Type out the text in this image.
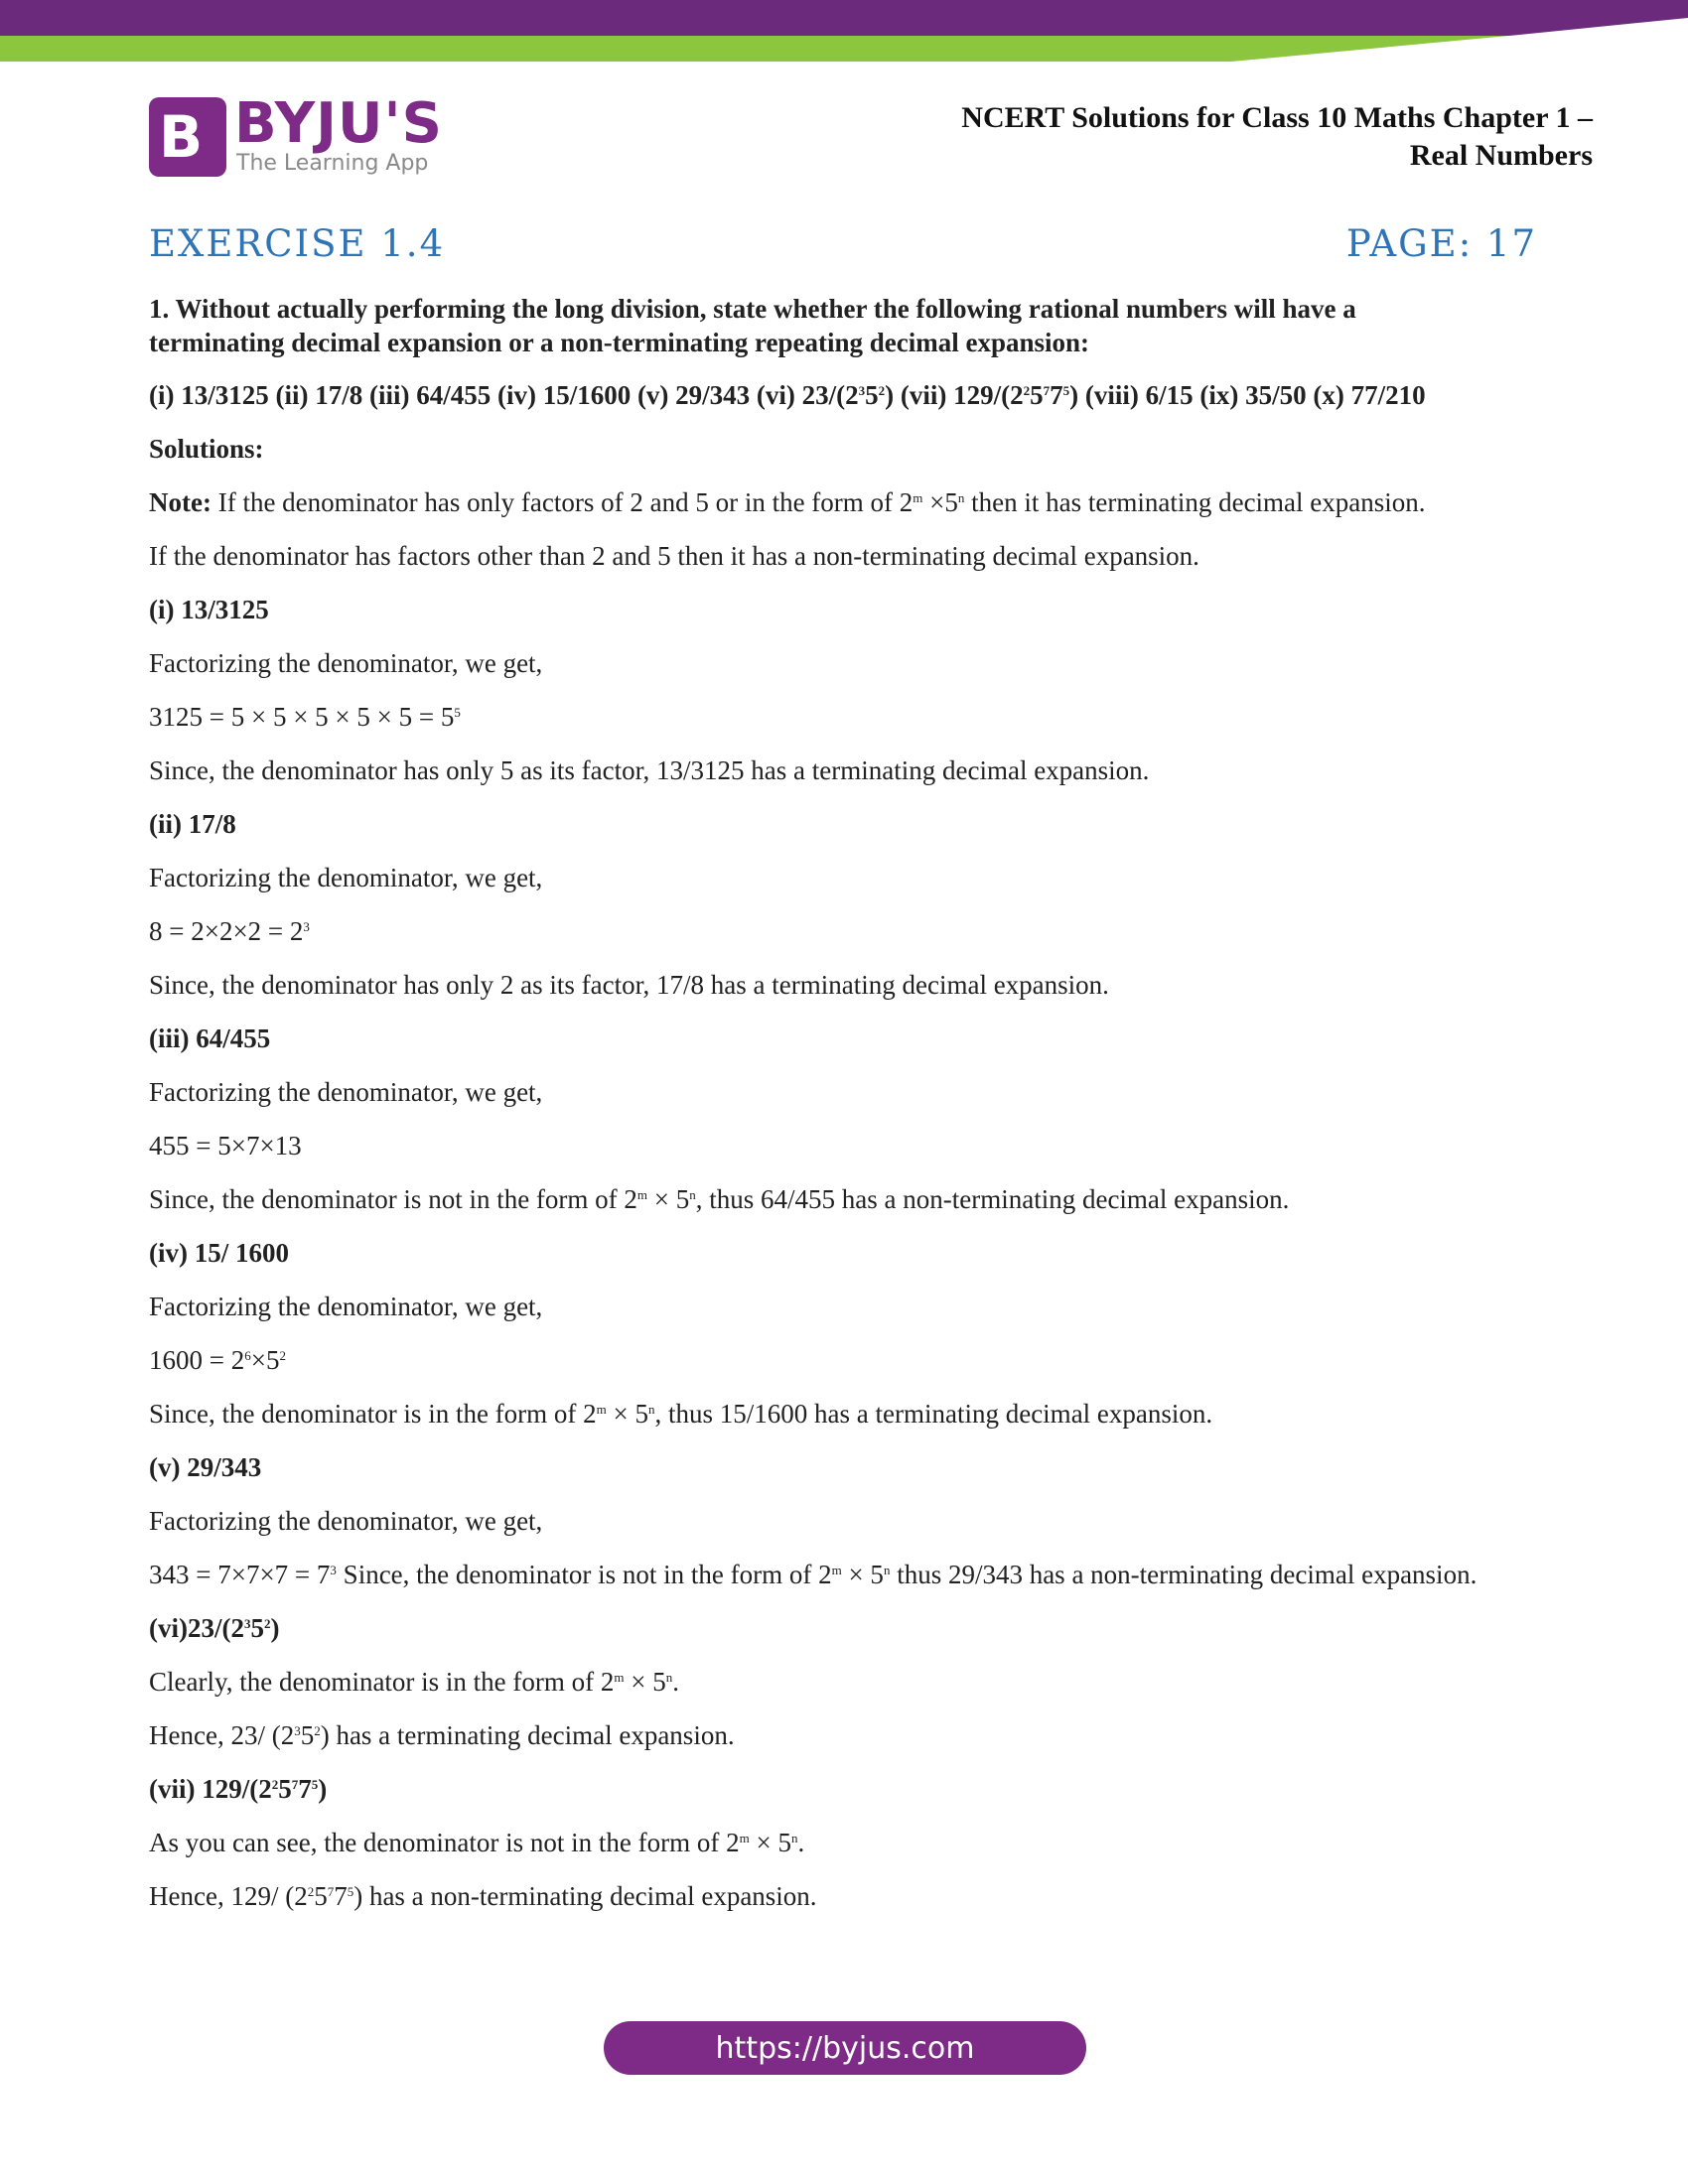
B BYJU'S
The Learning App
NCERT Solutions for Class 10 Maths Chapter 1 –
Real Numbers
EXERCISE 1.4	PAGE: 17

1. Without actually performing the long division, state whether the following rational numbers will have a terminating decimal expansion or a non-terminating repeating decimal expansion:

(i) 13/3125 (ii) 17/8 (iii) 64/455 (iv) 15/1600 (v) 29/343 (vi) $23/(2^35^2)$ (vii) $129/(2^25^77^5)$ (viii) 6/15 (ix) 35/50 (x) 77/210

Solutions:

Note: If the denominator has only factors of 2 and 5 or in the form of $2^m \times 5^n$ then it has terminating decimal expansion.

If the denominator has factors other than 2 and 5 then it has a non-terminating decimal expansion.

(i) 13/3125

Factorizing the denominator, we get,

$3125 = 5 \times 5 \times 5 \times 5 \times 5 = 5^5$

Since, the denominator has only 5 as its factor, 13/3125 has a terminating decimal expansion.

(ii) 17/8

Factorizing the denominator, we get,

$8 = 2\times 2\times 2 = 2^3$

Since, the denominator has only 2 as its factor, 17/8 has a terminating decimal expansion.

(iii) 64/455

Factorizing the denominator, we get,

455 = 5×7×13

Since, the denominator is not in the form of $2^m \times 5^n$, thus 64/455 has a non-terminating decimal expansion.

(iv) 15/ 1600

Factorizing the denominator, we get,

$1600 = 2^6\times 5^2$

Since, the denominator is in the form of $2^m \times 5^n$, thus 15/1600 has a terminating decimal expansion.

(v) 29/343

Factorizing the denominator, we get,

$343 = 7\times 7\times 7 = 7^3$ Since, the denominator is not in the form of $2^m \times 5^n$ thus 29/343 has a non-terminating decimal expansion.

$(vi)23/(2^35^2)$

Clearly, the denominator is in the form of $2^m \times 5^n$.

Hence, 23/ $(2^35^2)$ has a terminating decimal expansion.

(vii) $129/(2^25^77^5)$

As you can see, the denominator is not in the form of $2^m \times 5^n$.

Hence, 129/ $(2^25^77^5)$ has a non-terminating decimal expansion.

https://byjus.com
